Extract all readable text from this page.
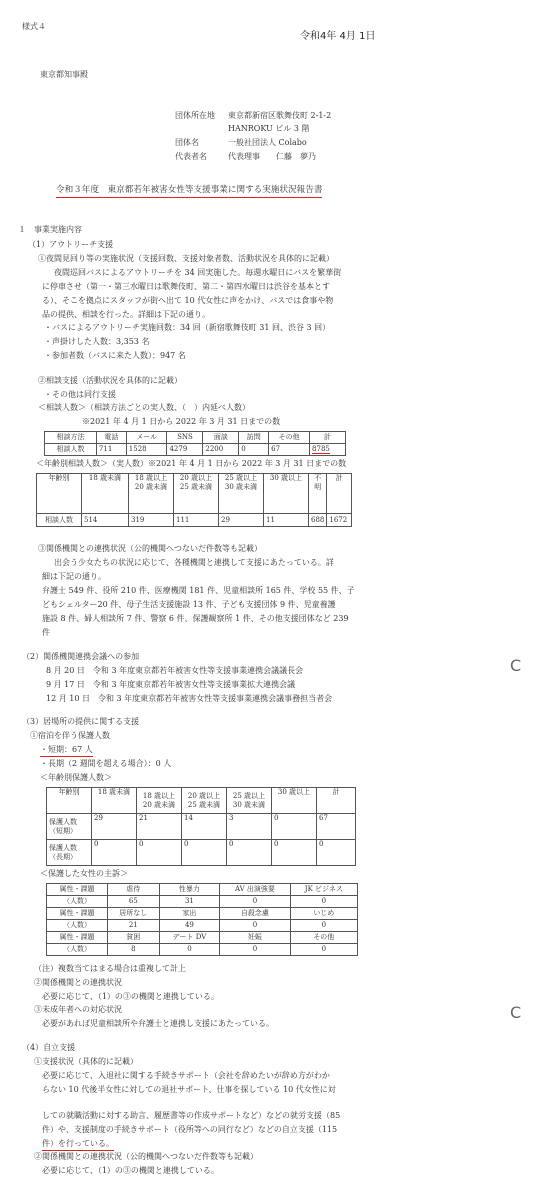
様式４
令和4年 4月 1日
東京都知事殿
団体所在地 東京都新宿区歌舞伎町 2-1-2
HANROKU ビル 3 階
団体名	一般社団法人 Colabo
代表者名	代表理事　　仁藤　夢乃
令和３年度　東京都若年被害女性等支援事業に関する実施状況報告書
１　事業実施内容
（1）アウトリーチ支援
①夜間見回り等の実施状況（支援回数、支援対象者数、活動状況を具体的に記載）
夜間巡回バスによるアウトリーチを 34 回実施した。毎週水曜日にバスを繁華街
に停車させ（第一・第三水曜日は歌舞伎町、第二・第四水曜日は渋谷を基本とす
る）、そこを拠点にスタッフが街へ出て 10 代女性に声をかけ、バスでは食事や物
品の提供、相談を行った。詳細は下記の通り。
・バスによるアウトリーチ実施回数：34 回（新宿歌舞伎町 31 回、渋谷 3 回）
・声掛けした人数：3,353 名
・参加者数（バスに来た人数）：947 名
②相談支援（活動状況を具体的に記載）
・その他は同行支援
＜相談人数＞（相談方法ごとの実人数、（　）内延べ人数）
※2021 年 4 月 1 日から 2022 年 3 月 31 日までの数
相談方法	電話	メール	SNS	面談	訪問	その他	計
相談人数	711	1528	4279	2200	0	67	8785
＜年齢別相談人数＞（実人数）※2021 年 4 月 1 日から 2022 年 3 月 31 日までの数
年齢別	18 歳未満	18 歳以上 20 歳未満	20 歳以上 25 歳未満	25 歳以上 30 歳未満	30 歳以上	不明	計
相談人数	514	319	111	29	11	688	1672
③関係機関との連携状況（公的機関へつないだ件数等も記載）
出会う少女たちの状況に応じて、各種機関と連携して支援にあたっている。詳
細は下記の通り。
弁護士 549 件、役所 210 件、医療機関 181 件、児童相談所 165 件、学校 55 件、子
どもシェルター20 件、母子生活支援施設 13 件、子ども支援団体 9 件、児童養護
施設 8 件、婦人相談所 7 件、警察 6 件、保護観察所 1 件、その他支援団体など 239
件
（2）関係機関連携会議への参加
8 月 20 日　令和 3 年度東京都若年被害女性等支援事業連携会議議長会
9 月 17 日　令和 3 年度東京都若年被害女性等支援事業拡大連携会議
12 月 10 日　令和 3 年度東京都若年被害女性等支援事業連携会議事務担当者会
（3）居場所の提供に関する支援
①宿泊を伴う保護人数
・短期：67 人
・長期（2 週間を超える場合）：0 人
＜年齢別保護人数＞
年齢別	18 歳未満	18 歳以上 20 歳未満	20 歳以上 25 歳未満	25 歳以上 30 歳未満	30 歳以上	計
保護人数（短期）	29	21	14	3	0	67
保護人数（長期）	0	0	0	0	0	0
＜保護した女性の主訴＞
属性・課題	虐待	性暴力	AV 出演強要	JK ビジネス
（人数）	65	31	0	0
属性・課題	居所なし	家出	自殺念慮	いじめ
（人数）	21	49	0	0
属性・課題	貧困	デート DV	妊娠	その他
（人数）	8	0	0	0
（注）複数当てはまる場合は重複して計上
②関係機関との連携状況
必要に応じて、（1）の③の機関と連携している。
③未成年者への対応状況
必要があれば児童相談所や弁護士と連携し支援にあたっている。
（4）自立支援
①支援状況（具体的に記載）
必要に応じて、入退社に関する手続きサポート（会社を辞めたいが辞め方がわか
らない 10 代後半女性に対しての退社サポート、仕事を探している 10 代女性に対
しての就職活動に対する助言、履歴書等の作成サポートなど）などの就労支援（85
件）や、支援制度の手続きサポート（役所等への同行など）などの自立支援（115
件）を行っている。
②関係機関との連携状況（公的機関へつないだ件数等も記載）
必要に応じて、（1）の③の機関と連携している。
C
C
